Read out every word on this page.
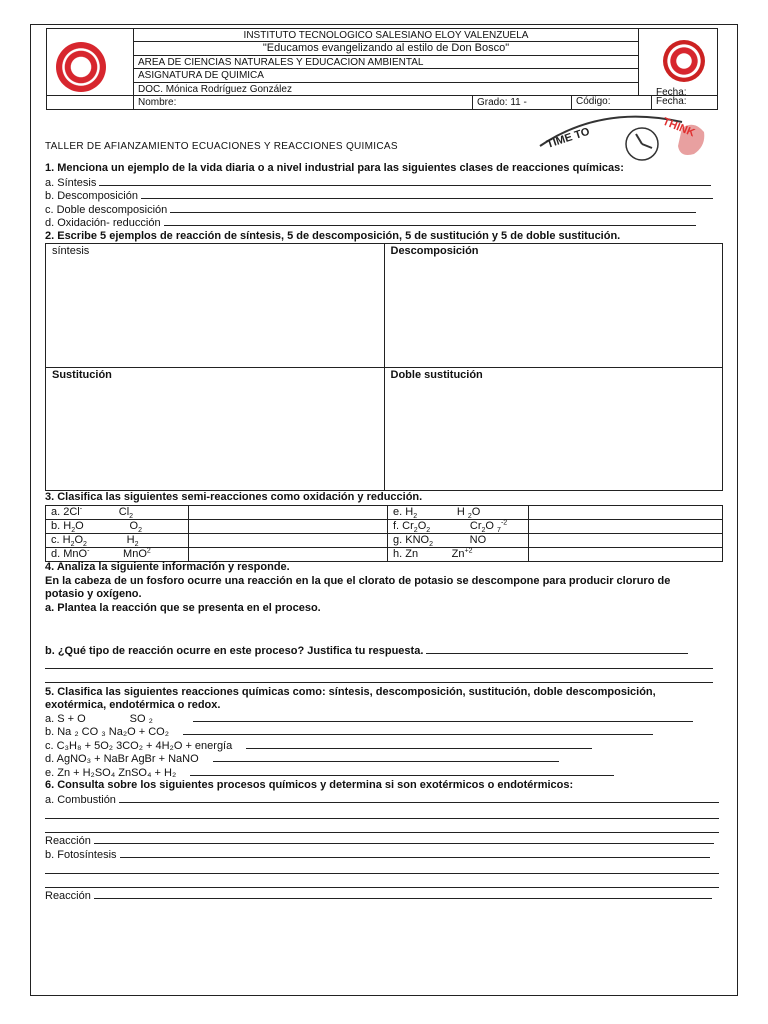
	INSTITUTO TECNOLOGICO SALESIANO ELOY VALENZUELA			
	"Educamos evangelizando al estilo de Don Bosco"			
	AREA DE CIENCIAS NATURALES Y EDUCACION AMBIENTAL			
	ASIGNATURA DE QUIMICA			
	DOC. Mónica Rodríguez González			
	Nombre:	Grado: 11 -	Código: Fecha:	
Fecha:
TALLER DE AFIANZAMIENTO ECUACIONES Y REACCIONES QUIMICAS	TIME TO	THINK
1. Menciona un ejemplo de la vida diaria o a nivel industrial para las siguientes clases de reacciones químicas:
a. Síntesis
b. Descomposición
c. Doble descomposición
d. Oxidación- reducción
2. Escribe 5 ejemplos de reacción de síntesis, 5 de descomposición, 5 de sustitución y 5 de doble sustitución.
síntesis	Descomposición
Sustitución	Doble sustitución
3. Clasifica las siguientes semi-reacciones como oxidación y reducción.
a. 2Cl-            $Cl_2$		e. $H_2$             H $_2$O	
b. $H_2O$               $O_2$		f. $Cr_2O_2$             $Cr_2O$ $_7^{-2}$	
c. $H_2O_2$             $H_2$		g. $KNO_2$            NO	
d. MnO-           MnO$^2$		h. Zn           $Zn^{+2}$	
4. Analiza la siguiente información y responde.
En la cabeza de un fosforo ocurre una reacción en la que el clorato de potasio se descompone para producir cloruro de
potasio y oxígeno.
a. Plantea la reacción que se presenta en el proceso.
b. ¿Qué tipo de reacción ocurre en este proceso? Justifica tu respuesta.
5. Clasifica las siguientes reacciones químicas como: síntesis, descomposición, sustitución, doble descomposición,
exotérmica, endotérmica o redox.
a. S + O	SO ₂
b. Na ₂ CO ₃ Na₂O + CO₂
c. C₃H₈ + 5O₂ 3CO₂ + 4H₂O + energía
d. AgNO₃ + NaBr AgBr + NaNO
e. Zn + H₂SO₄ ZnSO₄ + H₂
6. Consulta sobre los siguientes procesos químicos y determina si son exotérmicos o endotérmicos:
a. Combustión
Reacción
b. Fotosíntesis
Reacción
